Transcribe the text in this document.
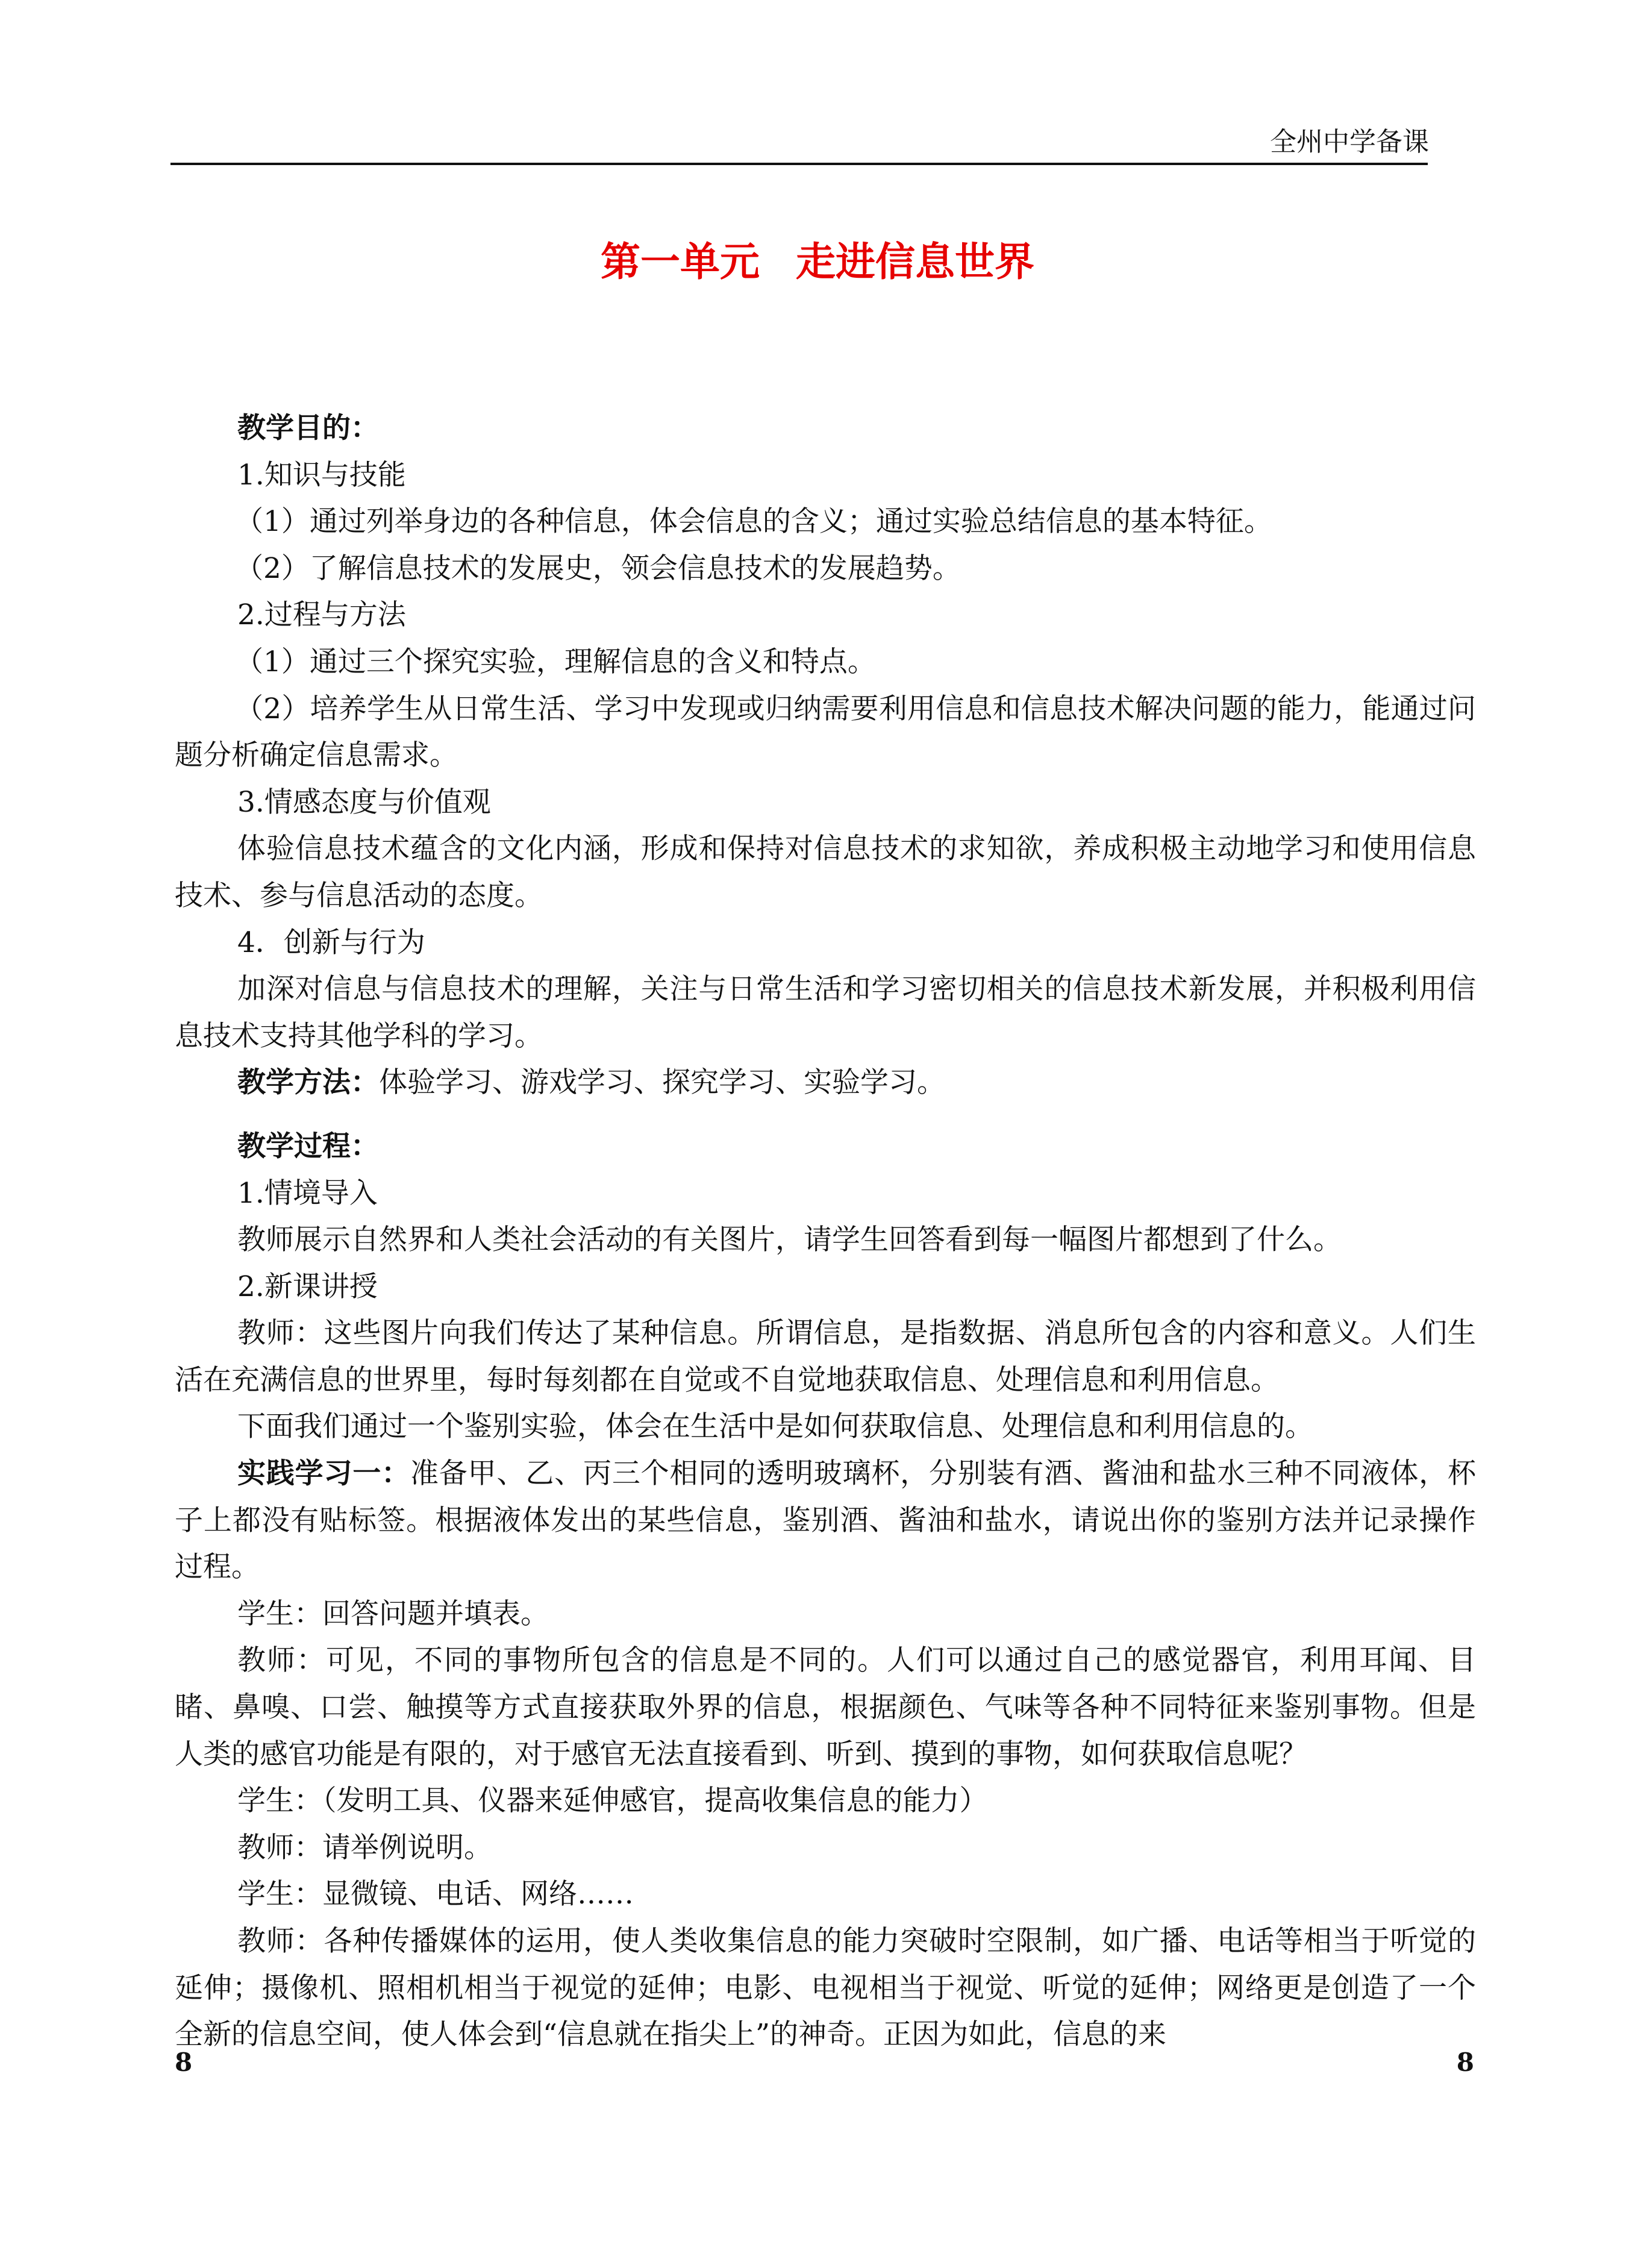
全州中学备课
第一单元 走进信息世界

教学目的：

1.知识与技能

（1）通过列举身边的各种信息，体会信息的含义；通过实验总结信息的基本特征。

（2）了解信息技术的发展史，领会信息技术的发展趋势。

2.过程与方法

（1）通过三个探究实验，理解信息的含义和特点。

（2）培养学生从日常生活、学习中发现或归纳需要利用信息和信息技术解决问题的能力，能通过问题分析确定信息需求。

3.情感态度与价值观

体验信息技术蕴含的文化内涵，形成和保持对信息技术的求知欲，养成积极主动地学习和使用信息技术、参与信息活动的态度。

4．创新与行为

加深对信息与信息技术的理解，关注与日常生活和学习密切相关的信息技术新发展，并积极利用信息技术支持其他学科的学习。

教学方法：体验学习、游戏学习、探究学习、实验学习。

教学过程：

1.情境导入

教师展示自然界和人类社会活动的有关图片，请学生回答看到每一幅图片都想到了什么。

2.新课讲授

教师：这些图片向我们传达了某种信息。所谓信息，是指数据、消息所包含的内容和意义。人们生活在充满信息的世界里，每时每刻都在自觉或不自觉地获取信息、处理信息和利用信息。

下面我们通过一个鉴别实验，体会在生活中是如何获取信息、处理信息和利用信息的。

实践学习一：准备甲、乙、丙三个相同的透明玻璃杯，分别装有酒、酱油和盐水三种不同液体，杯子上都没有贴标签。根据液体发出的某些信息，鉴别酒、酱油和盐水，请说出你的鉴别方法并记录操作过程。

学生：回答问题并填表。

教师：可见，不同的事物所包含的信息是不同的。人们可以通过自己的感觉器官，利用耳闻、目睹、鼻嗅、口尝、触摸等方式直接获取外界的信息，根据颜色、气味等各种不同特征来鉴别事物。但是人类的感官功能是有限的，对于感官无法直接看到、听到、摸到的事物，如何获取信息呢？

学生：（发明工具、仪器来延伸感官，提高收集信息的能力）

教师：请举例说明。

学生：显微镜、电话、网络……

教师：各种传播媒体的运用，使人类收集信息的能力突破时空限制，如广播、电话等相当于听觉的延伸；摄像机、照相机相当于视觉的延伸；电影、电视相当于视觉、听觉的延伸；网络更是创造了一个全新的信息空间，使人体会到“信息就在指尖上”的神奇。正因为如此，信息的来

8	8
